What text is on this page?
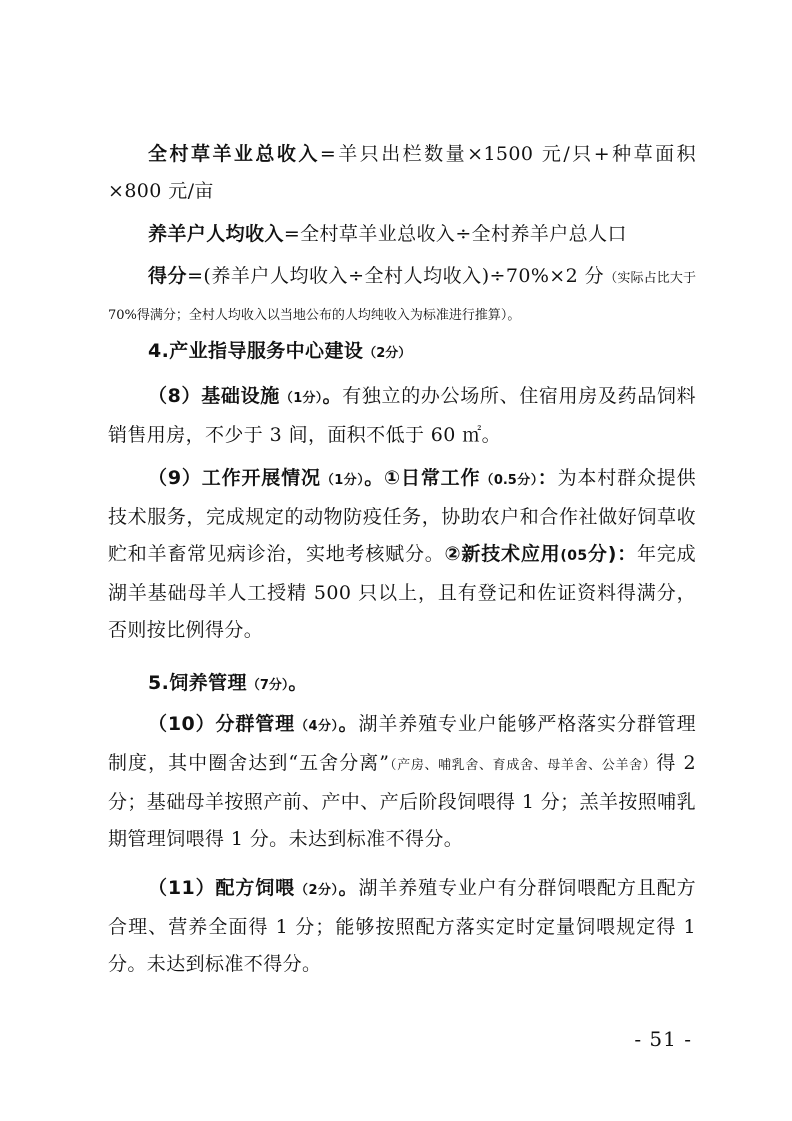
全村草羊业总收入=羊只出栏数量×1500 元/只+种草面积×800 元/亩

养羊户人均收入=全村草羊业总收入÷全村养羊户总人口

得分=(养羊户人均收入÷全村人均收入)÷70%×2 分（实际占比大于 70%得满分；全村人均收入以当地公布的人均纯收入为标准进行推算）。

4.产业指导服务中心建设（2分）

（8）基础设施（1分）。有独立的办公场所、住宿用房及药品饲料销售用房，不少于 3 间，面积不低于 60 ㎡。

（9）工作开展情况（1分）。①日常工作（0.5分）：为本村群众提供技术服务，完成规定的动物防疫任务，协助农户和合作社做好饲草收贮和羊畜常见病诊治，实地考核赋分。②新技术应用(05分)：年完成湖羊基础母羊人工授精 500 只以上，且有登记和佐证资料得满分，否则按比例得分。

5.饲养管理（7分）。

（10）分群管理（4分）。湖羊养殖专业户能够严格落实分群管理制度，其中圈舍达到“五舍分离”（产房、哺乳舍、育成舍、母羊舍、公羊舍）得 2 分；基础母羊按照产前、产中、产后阶段饲喂得 1 分；羔羊按照哺乳期管理饲喂得 1 分。未达到标准不得分。

（11）配方饲喂（2分）。湖羊养殖专业户有分群饲喂配方且配方合理、营养全面得 1 分；能够按照配方落实定时定量饲喂规定得 1 分。未达到标准不得分。

- 51 -
